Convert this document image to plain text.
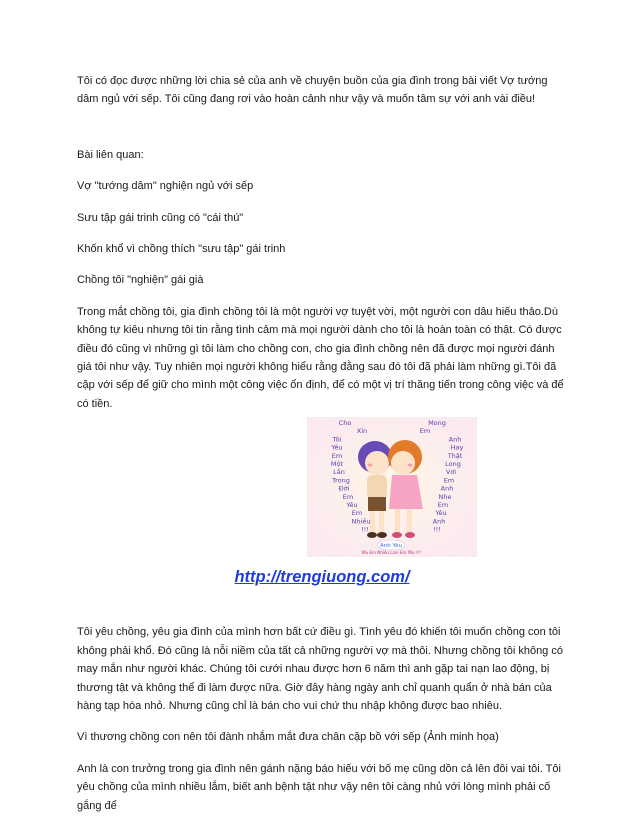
Tôi có đọc được những lời chia sẻ của anh về chuyện buồn của gia đình trong bài viết Vợ tướng dâm ngủ với sếp. Tôi cũng đang rơi vào hoàn cảnh như vậy và muốn tâm sự với anh vài điều!

Bài liên quan:

Vợ "tướng dâm" nghiện ngủ với sếp

Sưu tập gái trinh cũng có "cái thú"

Khốn khổ vì chồng thích "sưu tập" gái trinh

Chồng tôi "nghiện" gái già

Trong mắt chồng tôi, gia đình chồng tôi là một người vợ tuyệt vời, một người con dâu hiếu thảo.Dù không tự kiêu nhưng tôi tin rằng tình cảm mà mọi người dành cho tôi là hoàn toàn có thật. Có được điều đó cũng vì những gì tôi làm cho chồng con, cho gia đình chồng nên đã được mọi người đánh giá tôi như vậy. Tuy nhiên mọi người không hiểu rằng đằng sau đó tôi đã phải làm những gì.Tôi đã cặp với sếp để giữ cho mình một công việc ổn định, để có một vị trí thăng tiến trong công việc và để có tiền.

Cho
Xin
Tôi
Yêu
Em
Một
Lần
Trong
Đời
Em
Yêu
Em
Nhiều
!!!
Mong
Em
Anh
Hay
Thật
Long
Vơi
Em
Anh
Nhe
Em
Yêu
Anh
!!!
Anh Yêu
Yêu Em Nhiều Lam Em Yêu !!!
http://trengiuong.com/

Tôi yêu chồng, yêu gia đình của mình hơn bất cứ điều gì. Tình yêu đó khiến tôi muốn chồng con tôi không phải khổ. Đó cũng là nỗi niềm của tất cả những người vợ mà thôi. Nhưng chồng tôi không có may mắn như người khác. Chúng tôi cưới nhau được hơn 6 năm thì anh gặp tai nạn lao động, bị thương tật và không thể đi làm được nữa. Giờ đây hàng ngày anh chỉ quanh quẩn ở nhà bán của hàng tạp hóa nhỏ. Nhưng cũng chỉ là bán cho vui chứ thu nhập không được bao nhiêu.

Vì thương chồng con nên tôi đành nhắm mắt đưa chân cặp bồ với sếp (Ảnh minh họa)

Anh là con trưởng trong gia đình nên gánh nặng báo hiếu với bố mẹ cũng dồn cả lên đôi vai tôi. Tôi yêu chồng của mình nhiều lắm, biết anh bệnh tật như vậy nên tôi càng nhủ với lòng mình phải cố gắng để
